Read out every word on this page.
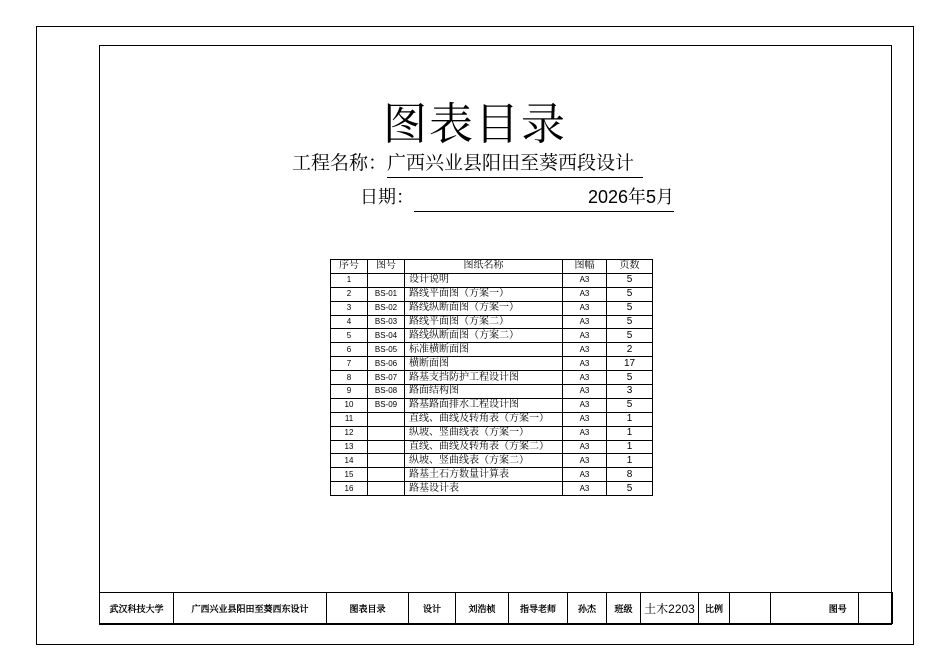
图表目录
工程名称：广西兴业县阳田至葵西段设计
日期：	2026年5月
序号	图号	图纸名称	图幅	页数
1		设计说明	A3	5
2	BS-01	路线平面图（方案一）	A3	5
3	BS-02	路线纵断面图（方案一）	A3	5
4	BS-03	路线平面图（方案二）	A3	5
5	BS-04	路线纵断面图（方案二）	A3	5
6	BS-05	标准横断面图	A3	2
7	BS-06	横断面图	A3	17
8	BS-07	路基支挡防护工程设计图	A3	5
9	BS-08	路面结构图	A3	3
10	BS-09	路基路面排水工程设计图	A3	5
11		直线、曲线及转角表（方案一）	A3	1
12		纵坡、竖曲线表（方案一）	A3	1
13		直线、曲线及转角表（方案二）	A3	1
14		纵坡、竖曲线表（方案二）	A3	1
15		路基土石方数量计算表	A3	8
16		路基设计表	A3	5
武汉科技大学	广西兴业县阳田至葵西东设计	图表目录	设计	刘浩桢	指导老师	孙杰	班级	土木2203	比例			图号	
